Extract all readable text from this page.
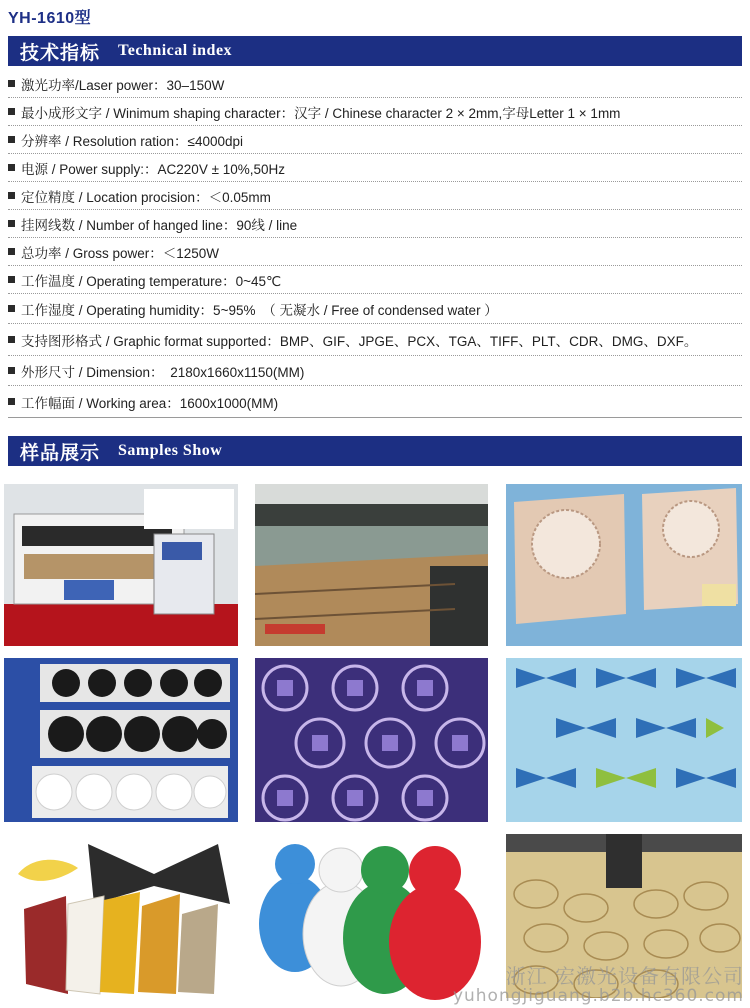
YH-1610型
技术指标 Technical index
激光功率/Laser power：30–150W
最小成形文字 / Winimum shaping character：汉字 / Chinese character 2 × 2mm,字母Letter 1 × 1mm
分辨率 / Resolution ration：≤4000dpi
电源 / Power supply:：AC220V ± 10%,50Hz
定位精度 / Location procision：＜0.05mm
挂网线数 / Number of hanged line：90线 / line
总功率 / Gross power：＜1250W
工作温度 / Operating temperature：0~45℃
工作湿度 / Operating humidity：5~95%　（ 无凝水 / Free of condensed water ）
支持图形格式 / Graphic format supported：BMP、GIF、JPGE、PCX、TGA、TIFF、PLT、CDR、DMG、DXF。
外形尺寸 / Dimension：　2180x1660x1150(MM)
工作幅面 / Working area：1600x1000(MM)
样品展示 Samples Show
浙江 宏激光设备有限公司
yuhongjiguang.b2b.hc360.com
